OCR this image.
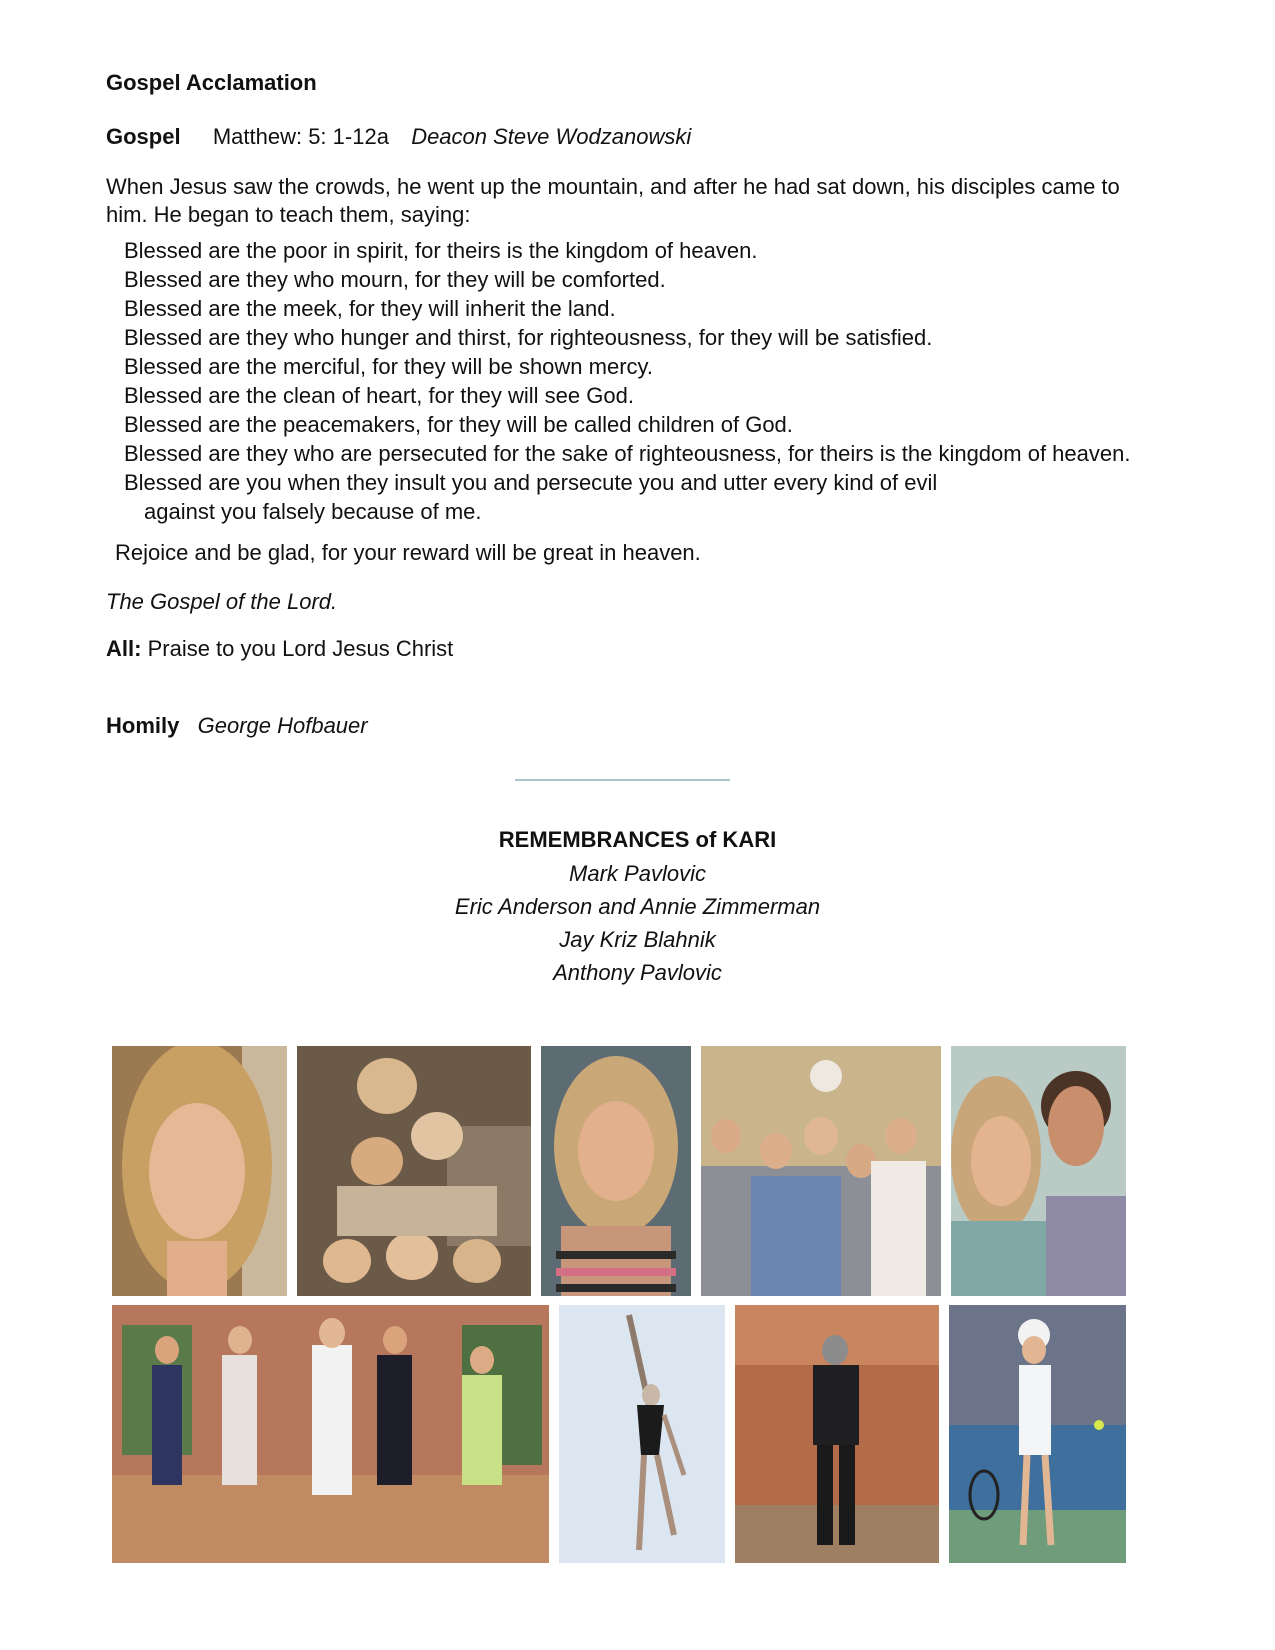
Gospel Acclamation
Gospel Matthew: 5: 1-12a Deacon Steve Wodzanowski
When Jesus saw the crowds, he went up the mountain, and after he had sat down, his disciples came to
him. He began to teach them, saying:
Blessed are the poor in spirit, for theirs is the kingdom of heaven.
Blessed are they who mourn, for they will be comforted.
Blessed are the meek, for they will inherit the land.
Blessed are they who hunger and thirst, for righteousness, for they will be satisfied.
Blessed are the merciful, for they will be shown mercy.
Blessed are the clean of heart, for they will see God.
Blessed are the peacemakers, for they will be called children of God.
Blessed are they who are persecuted for the sake of righteousness, for theirs is the kingdom of heaven.
Blessed are you when they insult you and persecute you and utter every kind of evil
against you falsely because of me.
Rejoice and be glad, for your reward will be great in heaven.
The Gospel of the Lord.
All: Praise to you Lord Jesus Christ
Homily George Hofbauer
REMEMBRANCES of KARI
Mark Pavlovic
Eric Anderson and Annie Zimmerman
Jay Kriz Blahnik
Anthony Pavlovic
